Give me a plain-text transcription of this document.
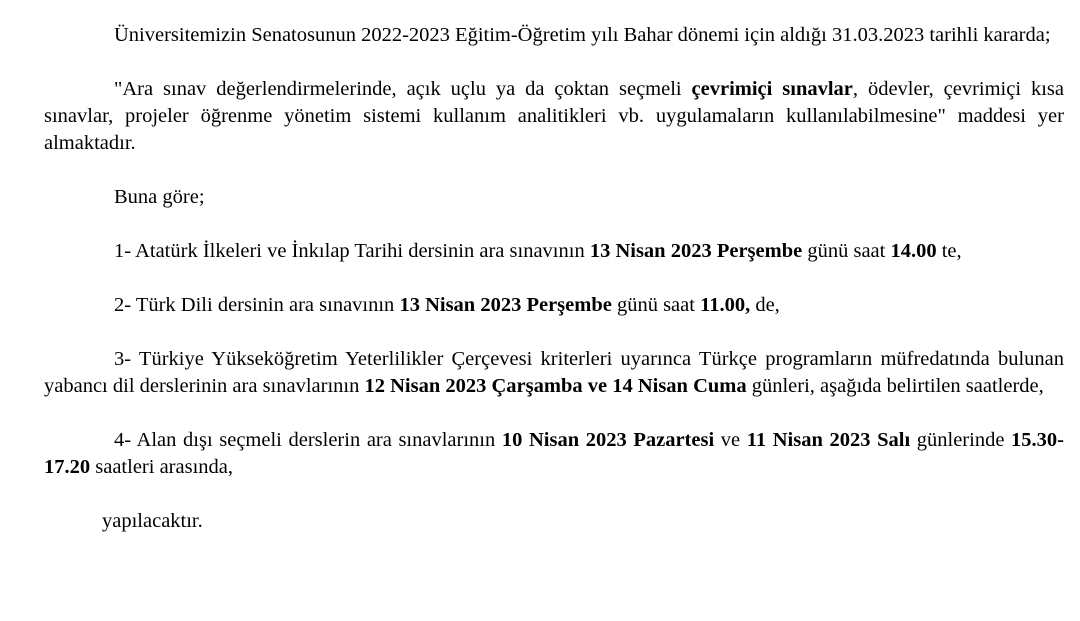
Üniversitemizin Senatosunun 2022-2023 Eğitim-Öğretim yılı Bahar dönemi için aldığı 31.03.2023 tarihli kararda;

"Ara sınav değerlendirmelerinde, açık uçlu ya da çoktan seçmeli çevrimiçi sınavlar, ödevler, çevrimiçi kısa sınavlar, projeler öğrenme yönetim sistemi kullanım analitikleri vb. uygulamaların kullanılabilmesine" maddesi yer almaktadır.

Buna göre;

1- Atatürk İlkeleri ve İnkılap Tarihi dersinin ara sınavının 13 Nisan 2023 Perşembe günü saat 14.00 te,

2- Türk Dili dersinin ara sınavının 13 Nisan 2023 Perşembe günü saat 11.00, de,

3- Türkiye Yükseköğretim Yeterlilikler Çerçevesi kriterleri uyarınca Türkçe programların müfredatında bulunan yabancı dil derslerinin ara sınavlarının 12 Nisan 2023 Çarşamba ve 14 Nisan Cuma günleri, aşağıda belirtilen saatlerde,

4- Alan dışı seçmeli derslerin ara sınavlarının 10 Nisan 2023 Pazartesi ve 11 Nisan 2023 Salı günlerinde 15.30-17.20 saatleri arasında,

yapılacaktır.
